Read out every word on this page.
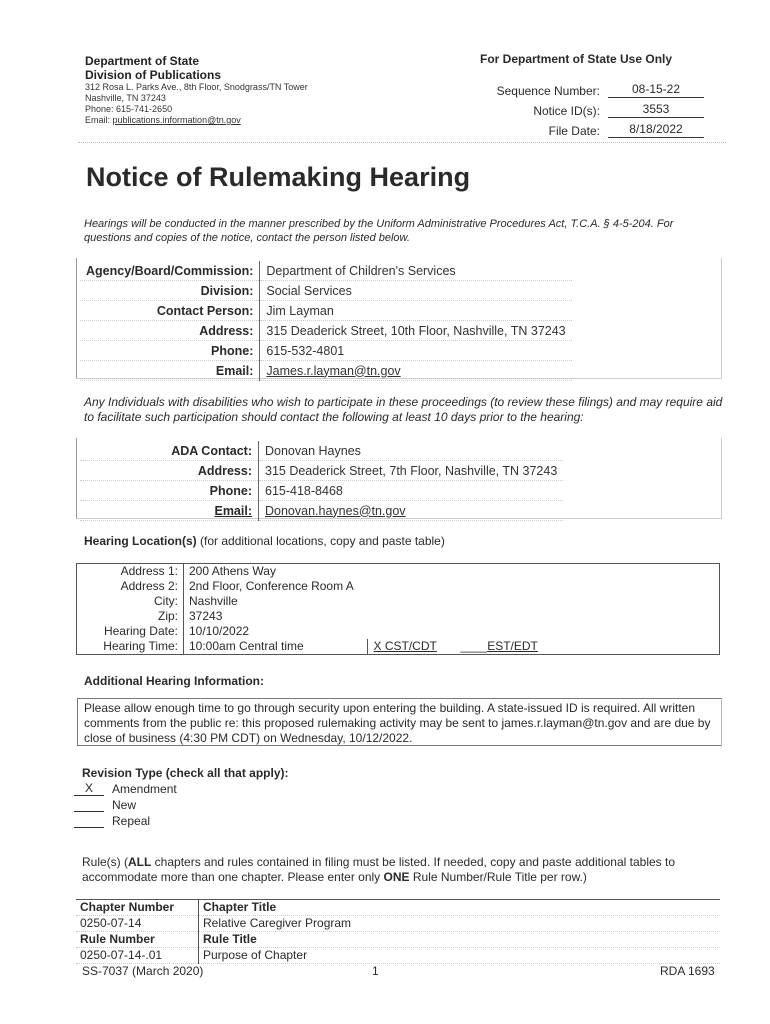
Department of State
Division of Publications
312 Rosa L. Parks Ave., 8th Floor, Snodgrass/TN Tower
Nashville, TN 37243
Phone: 615-741-2650
Email: publications.information@tn.gov
For Department of State Use Only
Sequence Number:	08-15-22
Notice ID(s):	3553
File Date:	8/18/2022
Notice of Rulemaking Hearing
Hearings will be conducted in the manner prescribed by the Uniform Administrative Procedures Act, T.C.A. § 4-5-204. For questions and copies of the notice, contact the person listed below.
Agency/Board/Commission:	Department of Children's Services
Division:	Social Services
Contact Person:	Jim Layman
Address:	315 Deaderick Street, 10th Floor, Nashville, TN 37243
Phone:	615-532-4801
Email:	James.r.layman@tn.gov
Any Individuals with disabilities who wish to participate in these proceedings (to review these filings) and may require aid to facilitate such participation should contact the following at least 10 days prior to the hearing:
ADA Contact:	Donovan Haynes
Address:	315 Deaderick Street, 7th Floor, Nashville, TN 37243
Phone:	615-418-8468
Email:	Donovan.haynes@tn.gov
Hearing Location(s) (for additional locations, copy and paste table)
Address 1:	200 Athens Way
Address 2:	2nd Floor, Conference Room A
City:	Nashville
Zip:	37243
Hearing Date:	10/10/2022
Hearing Time:	10:00am Central time X CST/CDT ____EST/EDT
Additional Hearing Information:
Please allow enough time to go through security upon entering the building. A state-issued ID is required. All written comments from the public re: this proposed rulemaking activity may be sent to james.r.layman@tn.gov and are due by close of business (4:30 PM CDT) on Wednesday, 10/12/2022.
Revision Type (check all that apply):
X	Amendment
New
Repeal
Rule(s) (ALL chapters and rules contained in filing must be listed. If needed, copy and paste additional tables to accommodate more than one chapter. Please enter only ONE Rule Number/Rule Title per row.)
Chapter Number	Chapter Title
0250-07-14	Relative Caregiver Program
Rule Number	Rule Title
0250-07-14-.01	Purpose of Chapter
SS-7037 (March 2020)	1	RDA 1693
